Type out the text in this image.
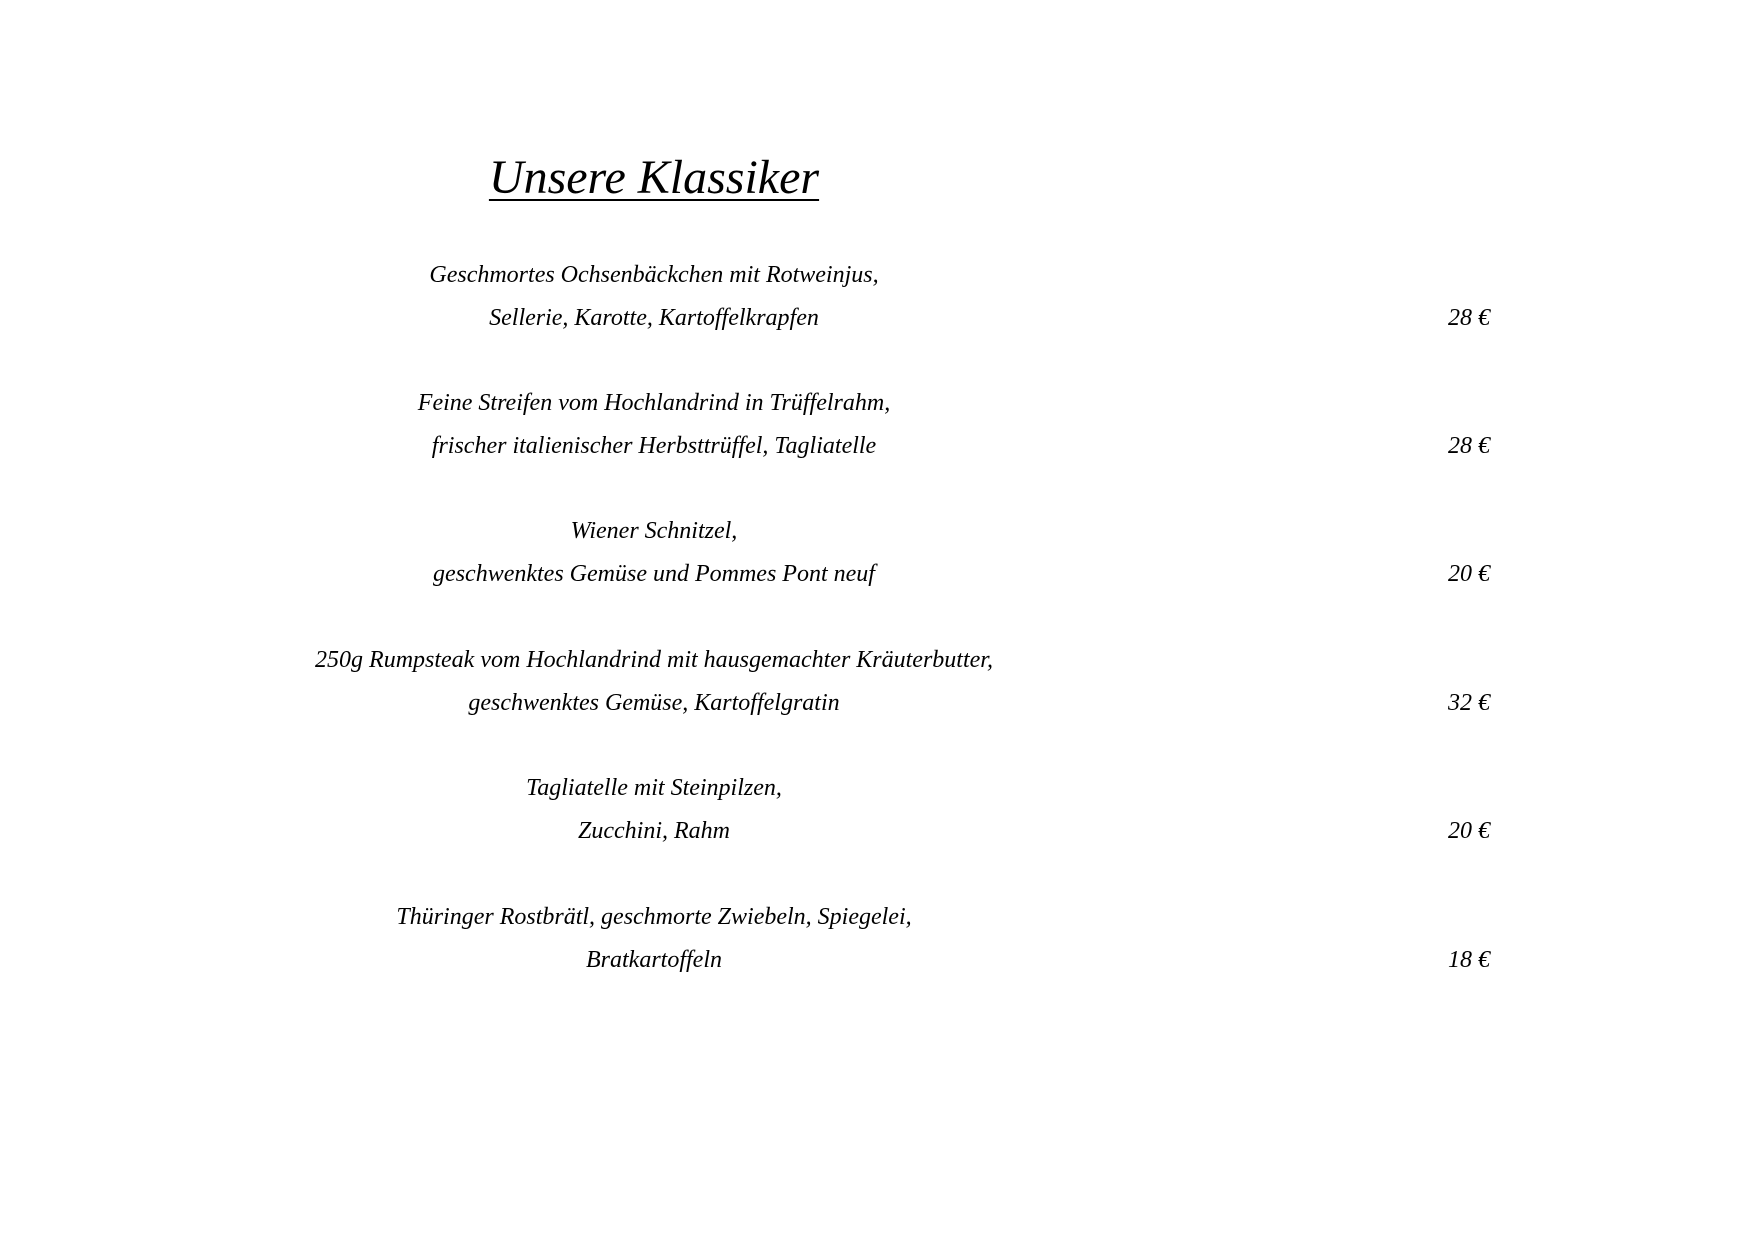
Unsere Klassiker
Geschmortes Ochsenbäckchen mit Rotweinjus,
Sellerie, Karotte, Kartoffelkrapfen	28 €
Feine Streifen vom Hochlandrind in Trüffelrahm,
frischer italienischer Herbsttrüffel, Tagliatelle	28 €
Wiener Schnitzel,
geschwenktes Gemüse und Pommes Pont neuf	20 €
250g Rumpsteak vom Hochlandrind mit hausgemachter Kräuterbutter,
geschwenktes Gemüse, Kartoffelgratin	32 €
Tagliatelle mit Steinpilzen,
Zucchini, Rahm	20 €
Thüringer Rostbrätl, geschmorte Zwiebeln, Spiegelei,
Bratkartoffeln	18 €
